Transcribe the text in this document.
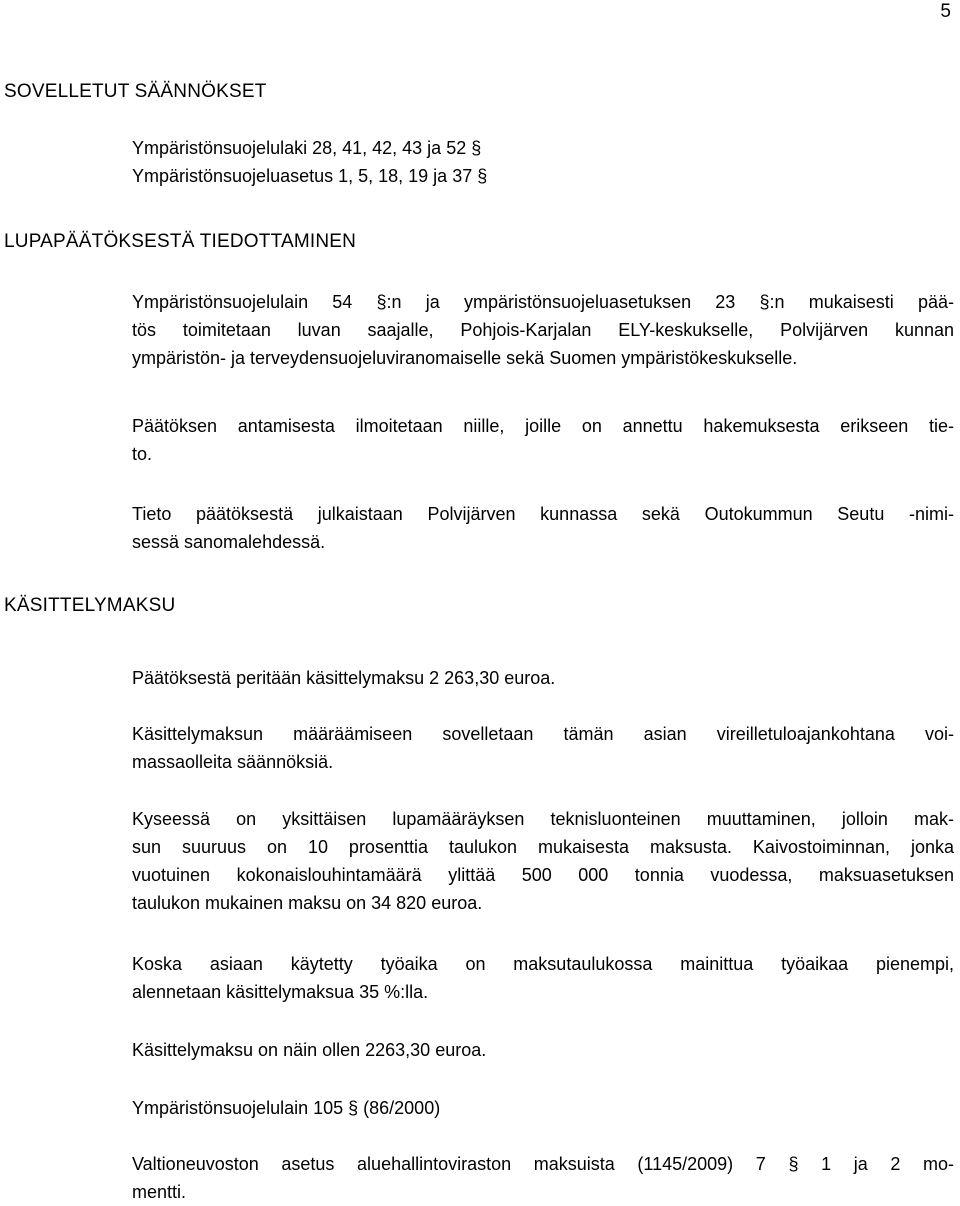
5
SOVELLETUT SÄÄNNÖKSET
Ympäristönsuojelulaki 28, 41, 42, 43 ja 52 §
Ympäristönsuojeluasetus 1, 5, 18, 19 ja 37 §
LUPAPÄÄTÖKSESTÄ TIEDOTTAMINEN
Ympäristönsuojelulain 54 §:n ja ympäristönsuojeluasetuksen 23 §:n mukaisesti pää-
tös toimitetaan luvan saajalle, Pohjois-Karjalan ELY-keskukselle, Polvijärven kunnan
ympäristön- ja terveydensuojeluviranomaiselle sekä Suomen ympäristökeskukselle.
Päätöksen antamisesta ilmoitetaan niille, joille on annettu hakemuksesta erikseen tie-
to.
Tieto päätöksestä julkaistaan Polvijärven kunnassa sekä Outokummun Seutu -nimi-
sessä sanomalehdessä.
KÄSITTELYMAKSU
Päätöksestä peritään käsittelymaksu 2 263,30 euroa.
Käsittelymaksun määräämiseen sovelletaan tämän asian vireilletuloajankohtana voi-
massaolleita säännöksiä.
Kyseessä on yksittäisen lupamääräyksen teknisluonteinen muuttaminen, jolloin mak-
sun suuruus on 10 prosenttia taulukon mukaisesta maksusta. Kaivostoiminnan, jonka
vuotuinen kokonaislouhintamäärä ylittää 500 000 tonnia vuodessa, maksuasetuksen
taulukon mukainen maksu on 34 820 euroa.
Koska asiaan käytetty työaika on maksutaulukossa mainittua työaikaa pienempi,
alennetaan käsittelymaksua 35 %:lla.
Käsittelymaksu on näin ollen 2263,30 euroa.
Ympäristönsuojelulain 105 § (86/2000)
Valtioneuvoston asetus aluehallintoviraston maksuista (1145/2009) 7 § 1 ja 2 mo-
mentti.
